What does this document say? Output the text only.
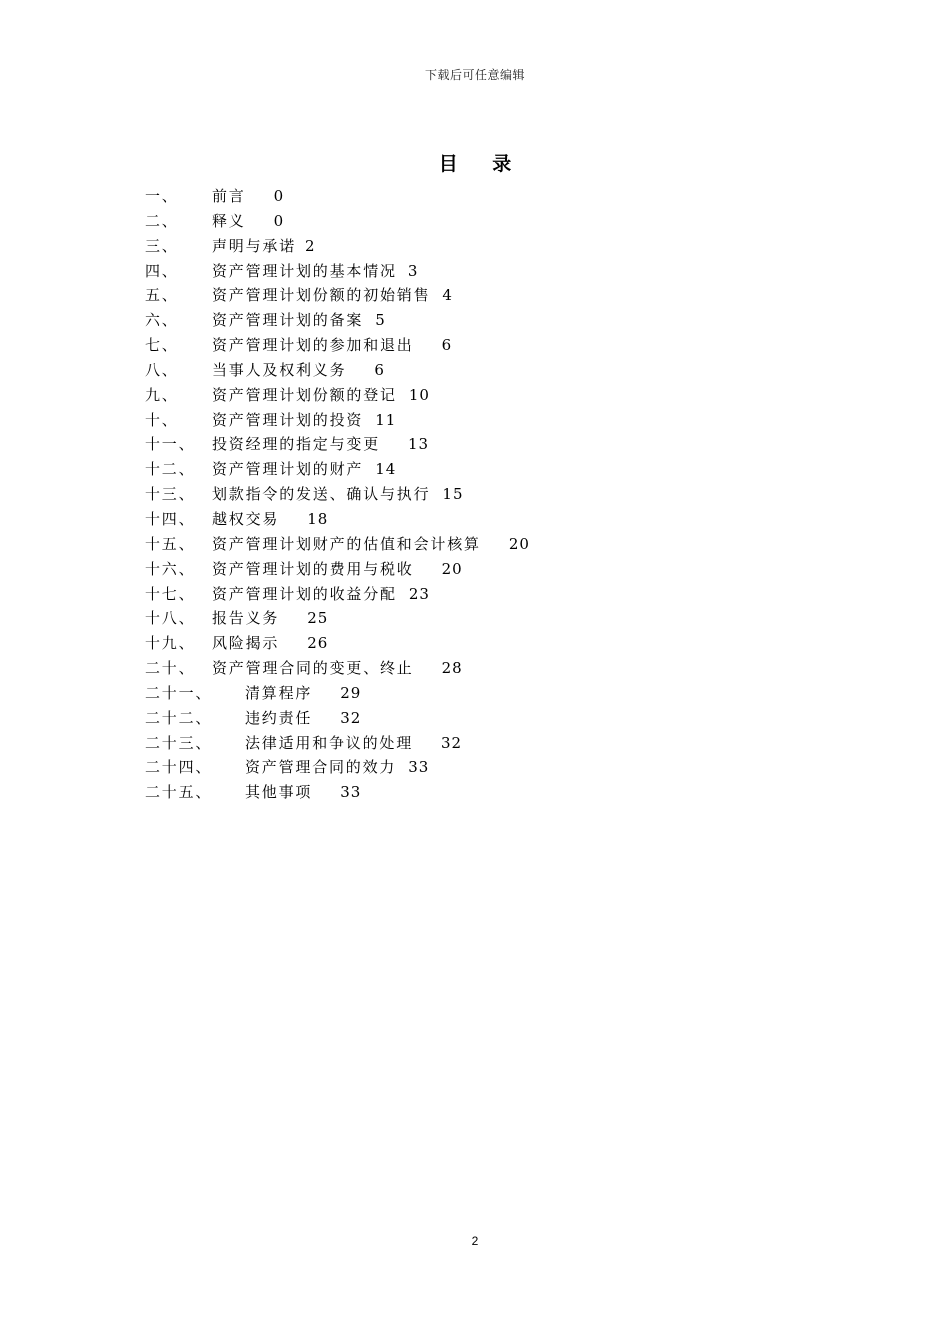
下载后可任意编辑
目 录
一、 前言 0
二、 释义 0
三、 声明与承诺 2
四、 资产管理计划的基本情况 3
五、 资产管理计划份额的初始销售 4
六、 资产管理计划的备案 5
七、 资产管理计划的参加和退出 6
八、 当事人及权利义务 6
九、 资产管理计划份额的登记 10
十、 资产管理计划的投资 11
十一、 投资经理的指定与变更 13
十二、 资产管理计划的财产 14
十三、 划款指令的发送、确认与执行 15
十四、 越权交易 18
十五、 资产管理计划财产的估值和会计核算 20
十六、 资产管理计划的费用与税收 20
十七、 资产管理计划的收益分配 23
十八、 报告义务 25
十九、 风险揭示 26
二十、 资产管理合同的变更、终止 28
二十一、 清算程序 29
二十二、 违约责任 32
二十三、 法律适用和争议的处理 32
二十四、 资产管理合同的效力 33
二十五、 其他事项 33
2
